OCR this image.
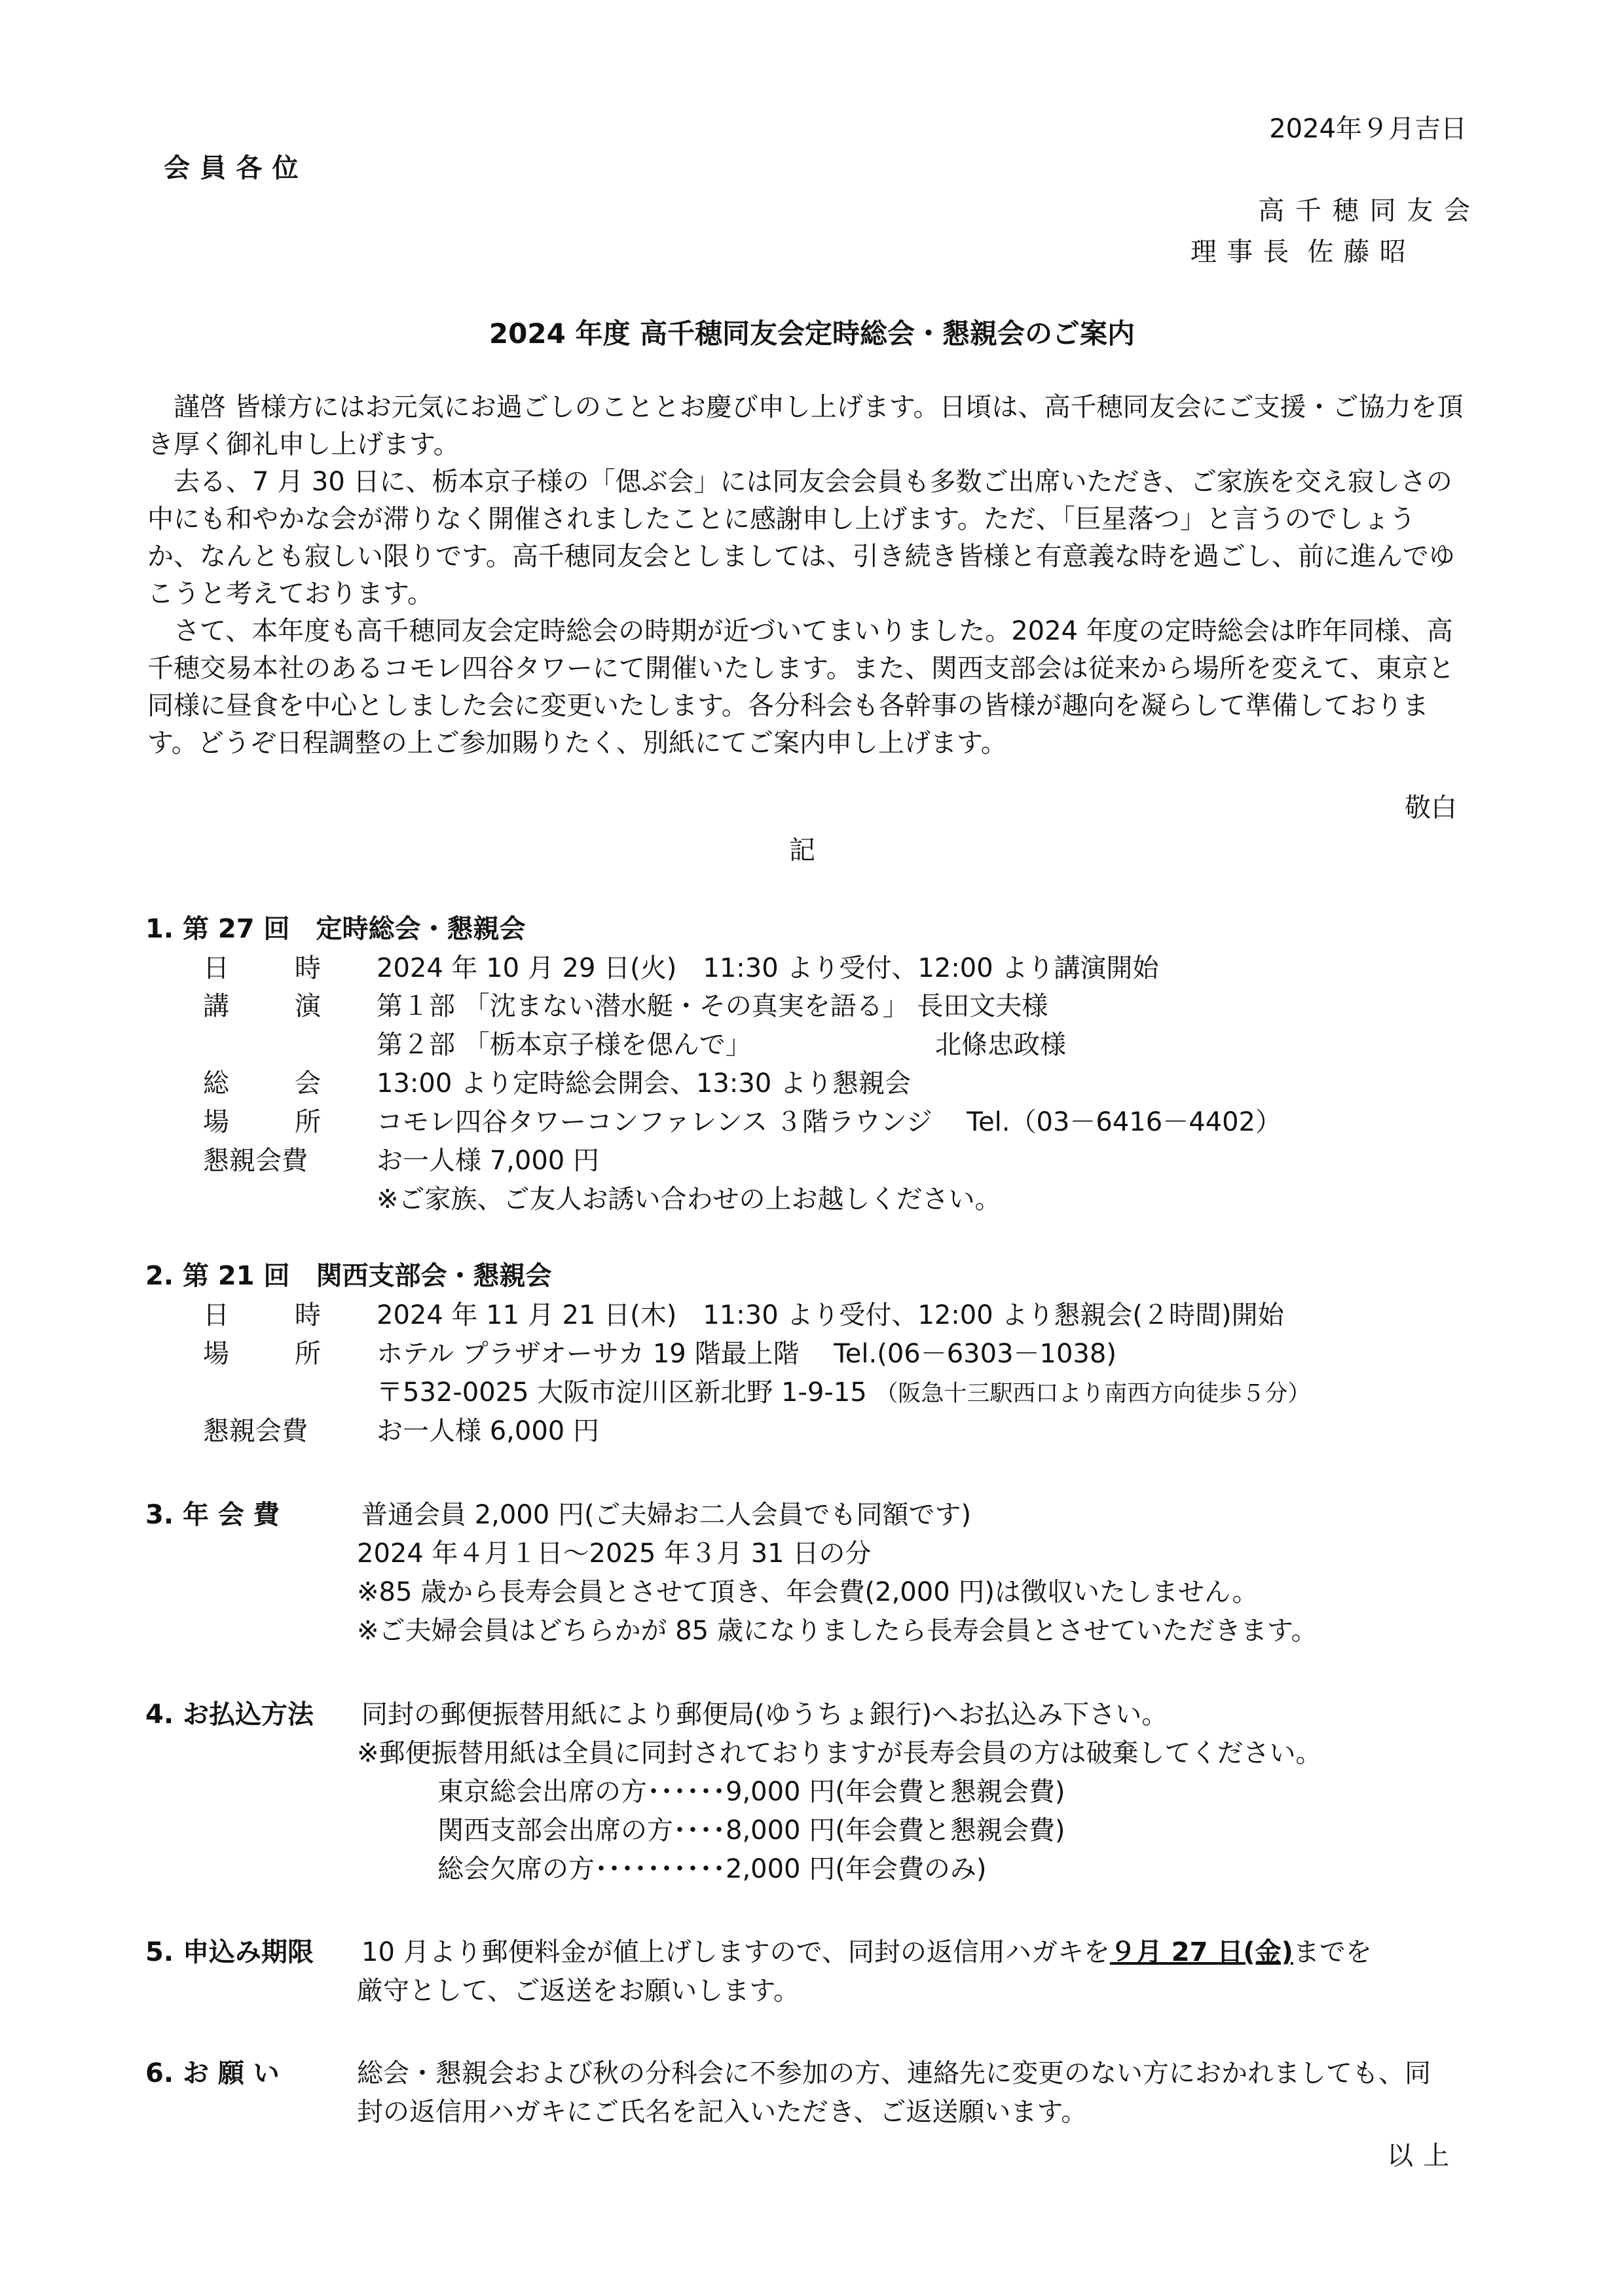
2024年９月吉日
会員各位
高千穂同友会
理事長 佐藤昭
2024 年度 高千穂同友会定時総会・懇親会のご案内

謹啓 皆様方にはお元気にお過ごしのこととお慶び申し上げます。日頃は、高千穂同友会にご支援・ご協力を頂き厚く御礼申し上げます。

去る、7 月 30 日に、栃本京子様の「偲ぶ会」には同友会会員も多数ご出席いただき、ご家族を交え寂しさの中にも和やかな会が滞りなく開催されましたことに感謝申し上げます。ただ、「巨星落つ」と言うのでしょうか、なんとも寂しい限りです。高千穂同友会としましては、引き続き皆様と有意義な時を過ごし、前に進んでゆこうと考えております。

さて、本年度も高千穂同友会定時総会の時期が近づいてまいりました。2024 年度の定時総会は昨年同様、高千穂交易本社のあるコモレ四谷タワーにて開催いたします。また、関西支部会は従来から場所を変えて、東京と同様に昼食を中心としました会に変更いたします。各分科会も各幹事の皆様が趣向を凝らして準備しております。どうぞ日程調整の上ご参加賜りたく、別紙にてご案内申し上げます。

敬白
記
1. 第 27 回　定時総会・懇親会
日時 2024 年 10 月 29 日(火)　11:30 より受付、12:00 より講演開始
講演 第１部 「沈まない潜水艇・その真実を語る」 長田文夫様
第２部 「栃本京子様を偲んで」	北條忠政様
総会 13:00 より定時総会開会、13:30 より懇親会
場所 コモレ四谷タワーコンファレンス ３階ラウンジ　 Tel.（03－6416－4402）
懇親会費	お一人様 7,000 円
※ご家族、ご友人お誘い合わせの上お越しください。
2. 第 21 回　関西支部会・懇親会
日時 2024 年 11 月 21 日(木)　11:30 より受付、12:00 より懇親会(２時間)開始
場所 ホテル プラザオーサカ 19 階最上階　 Tel.(06－6303－1038)
〒532-0025 大阪市淀川区新北野 1-9-15 （阪急十三駅西口より南西方向徒歩５分）
懇親会費	お一人様 6,000 円
3. 年 会 費	普通会員 2,000 円(ご夫婦お二人会員でも同額です)
2024 年４月１日～2025 年３月 31 日の分
※85 歳から長寿会員とさせて頂き、年会費(2,000 円)は徴収いたしません。
※ご夫婦会員はどちらかが 85 歳になりましたら長寿会員とさせていただきます。
4. お払込方法 同封の郵便振替用紙により郵便局(ゆうちょ銀行)へお払込み下さい。
※郵便振替用紙は全員に同封されておりますが長寿会員の方は破棄してください。
東京総会出席の方･･････9,000 円(年会費と懇親会費)
関西支部会出席の方････8,000 円(年会費と懇親会費)
総会欠席の方･･････････2,000 円(年会費のみ)
5. 申込み期限 10 月より郵便料金が値上げしますので、同封の返信用ハガキを９月 27 日(金)までを
厳守として、ご返送をお願いします。
6. お 願 い	総会・懇親会および秋の分科会に不参加の方、連絡先に変更のない方におかれましても、同
封の返信用ハガキにご氏名を記入いただき、ご返送願います。
以上
